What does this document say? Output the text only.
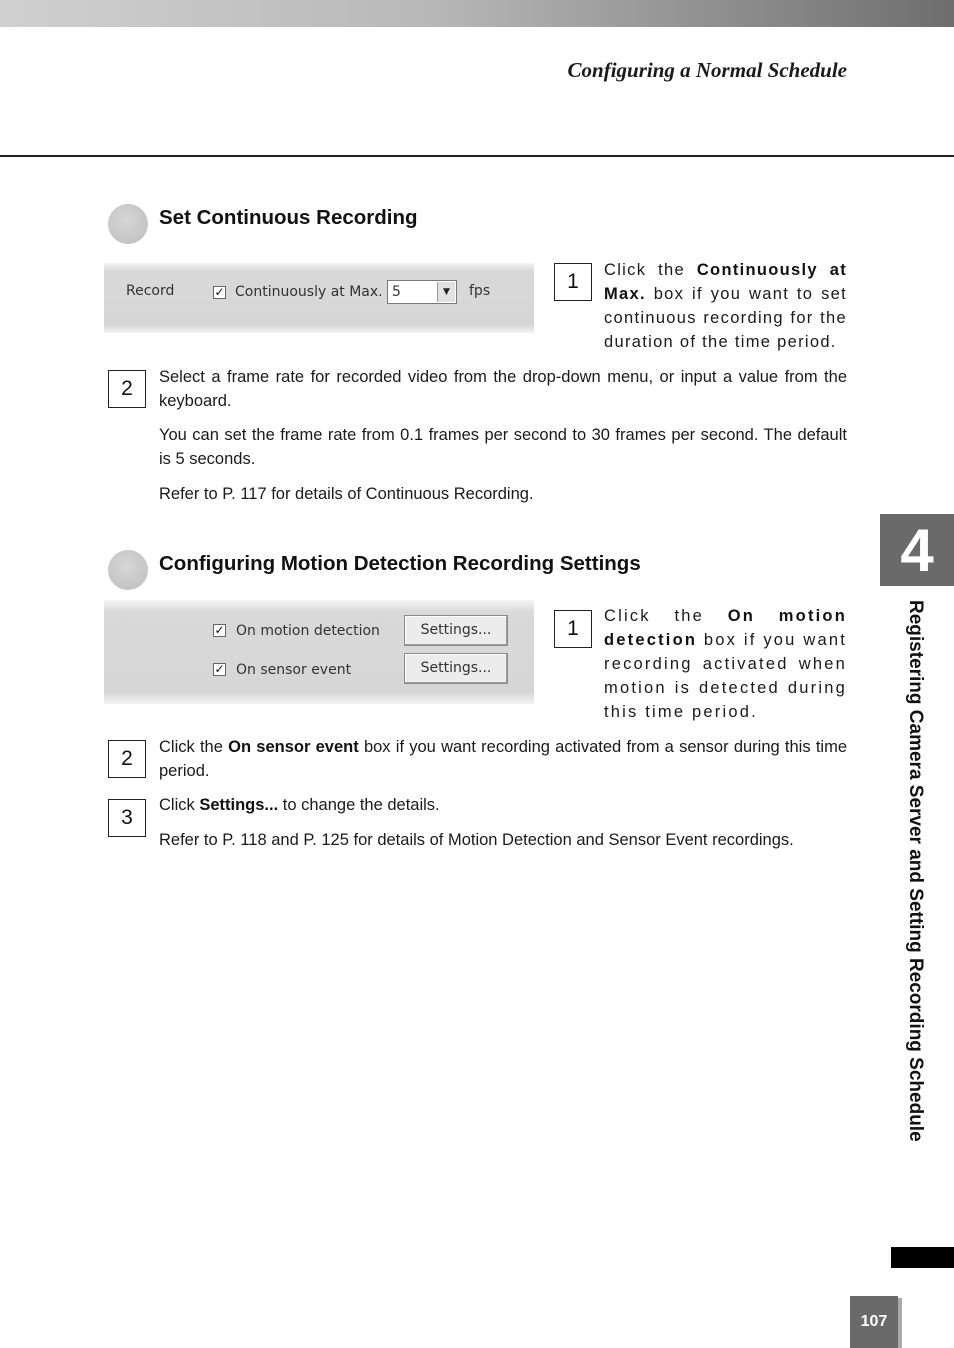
Configuring a Normal Schedule
Set Continuous Recording
Record	✓ Continuously at Max. 5	▼	fps	1	Click the Continuously at Max. box if you want to set continuous recording for the duration of the time period.
2	Select a frame rate for recorded video from the drop-down menu, or input a value from the keyboard.
You can set the frame rate from 0.1 frames per second to 30 frames per second. The default is 5 seconds.
Refer to P. 117 for details of Continuous Recording.
Configuring Motion Detection Recording Settings
✓ On motion detection	Settings...
✓ On sensor event	Settings...
1
Click the On motion detection box if you want recording activated when motion is detected during this time period.
2	Click the On sensor event box if you want recording activated from a sensor during this time period.
3
Click Settings... to change the details.
Refer to P. 118 and P. 125 for details of Motion Detection and Sensor Event recordings.
4
Registering Camera Server and Setting Recording Schedule
107
